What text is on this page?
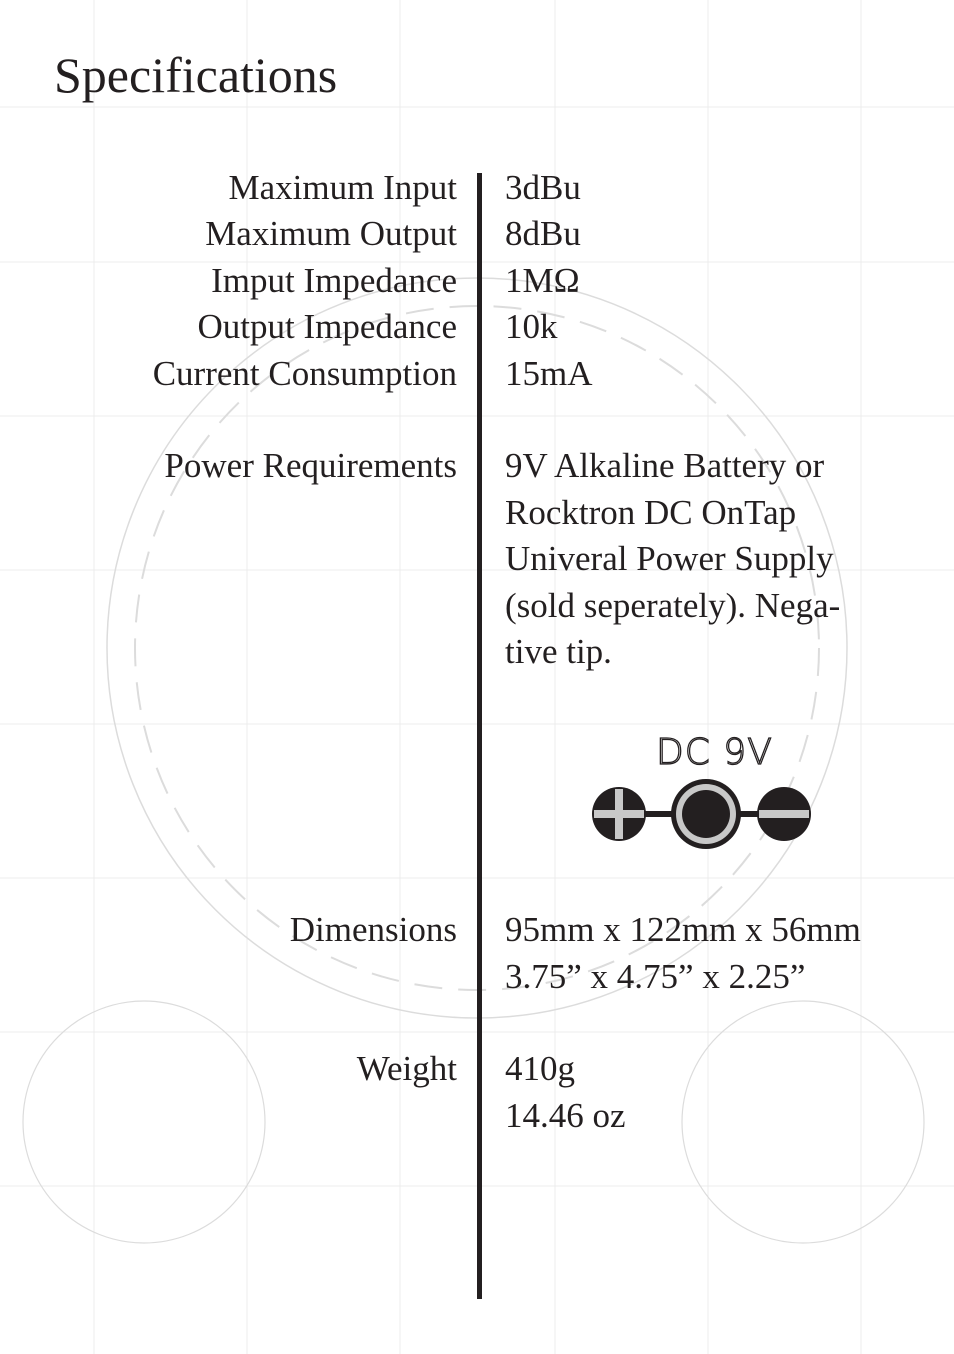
Specifications
Maximum Input 3dBu
Maximum Output 8dBu
Imput Impedance 1MΩ
Output Impedance 10k
Current Consumption 15mA
Power Requirements 9V Alkaline Battery or
Rocktron DC OnTap
Univeral Power Supply
(sold seperately). Nega-
tive tip.
DC 9V
Dimensions 95mm x 122mm x 56mm
3.75” x 4.75” x 2.25”
Weight 410g
14.46 oz
